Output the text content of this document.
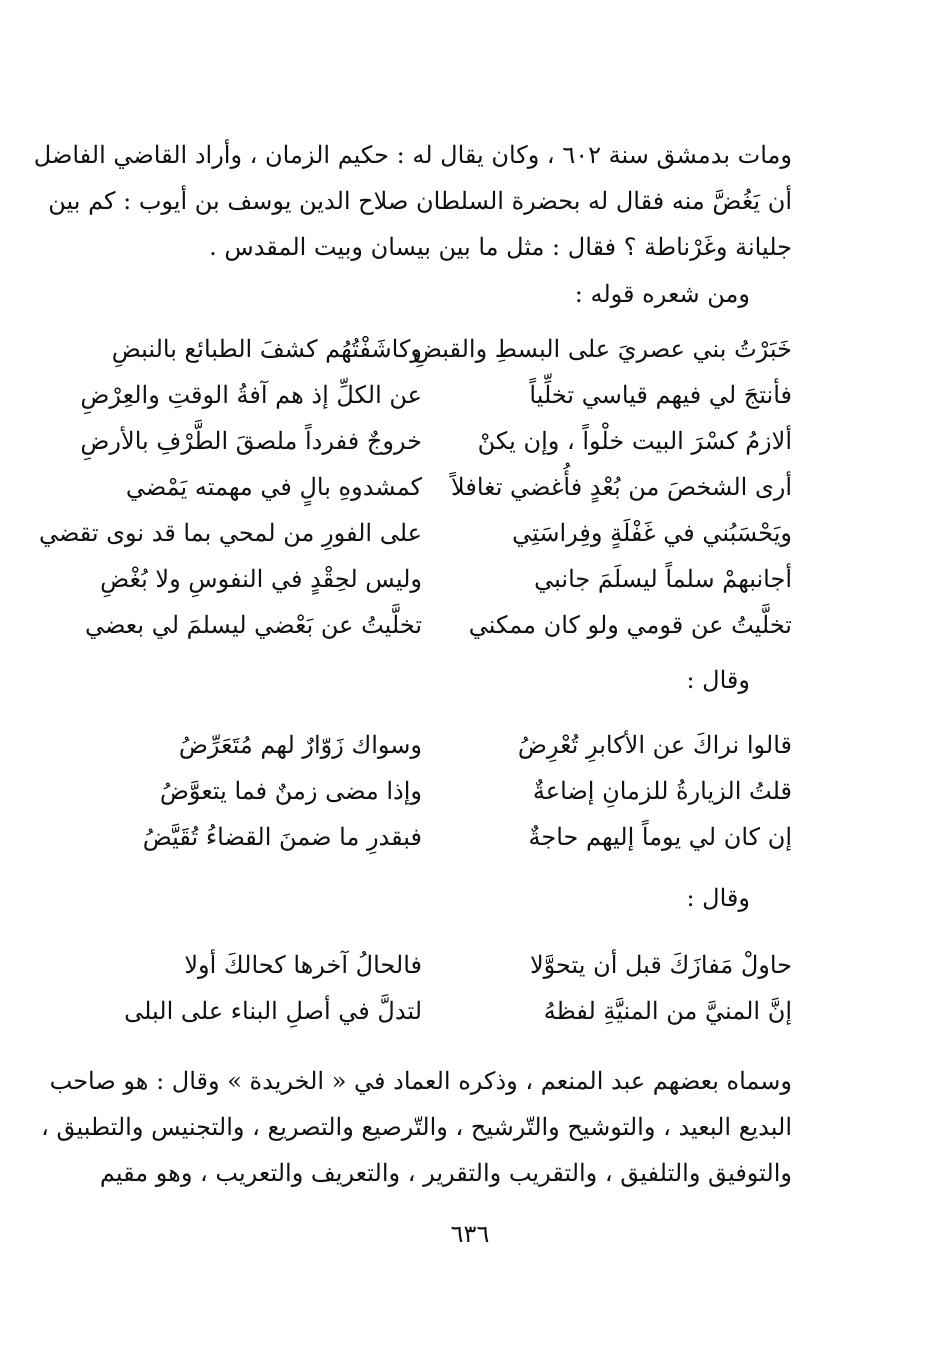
ومات بدمشق سنة ٦٠٢ ، وكان يقال له : حكيم الزمان ، وأراد القاضي الفاضل
أن يَغُضَّ منه فقال له بحضرة السلطان صلاح الدين يوسف بن أيوب : كم بين
جليانة وغَرْناطة ؟ فقال : مثل ما بين بيسان وبيت المقدس .
ومن شعره قوله :
خَبَرْتُ بني عصريَ على البسطِ والقبضِ
وكاشَفْتُهُم كشفَ الطبائع بالنبضِ
فأنتجَ لي فيهم قياسي تخلِّياً
عن الكلِّ إذ هم آفةُ الوقتِ والعِرْضِ
ألازمُ كسْرَ البيت خلْواً ، وإن يكنْ
خروجٌ ففرداً ملصقَ الطَّرْفِ بالأرضِ
أرى الشخصَ من بُعْدٍ فأُغضي تغافلاً
كمشدوهِ بالٍ في مهمته يَمْضي
ويَحْسَبُني في غَفْلَةٍ وفِراسَتِي
على الفورِ من لمحي بما قد نوى تقضي
أجانبهمْ سلماً ليسلَمَ جانبي
وليس لحِقْدٍ في النفوسِ ولا بُغْضِ
تخلَّيتُ عن قومي ولو كان ممكني
تخلَّيتُ عن بَعْضي ليسلمَ لي بعضي
وقال :
قالوا نراكَ عن الأكابرِ تُعْرِضُ
وسواك زَوّارٌ لهم مُتَعَرِّضُ
قلتُ الزيارةُ للزمانِ إضاعةٌ
وإذا مضى زمنٌ فما يتعوَّضُ
إن كان لي يوماً إليهم حاجةٌ
فبقدرِ ما ضمنَ القضاءُ تُقَيَّضُ
وقال :
حاولْ مَفازَكَ قبل أن يتحوَّلا
فالحالُ آخرها كحالكَ أولا
إنَّ المنيَّ من المنيَّةِ لفظهُ
لتدلَّ في أصلِ البناء على البلى
وسماه بعضهم عبد المنعم ، وذكره العماد في « الخريدة » وقال : هو صاحب
البديع البعيد ، والتوشيح والتّرشيح ، والتّرصيع والتصريع ، والتجنيس والتطبيق ،
والتوفيق والتلفيق ، والتقريب والتقرير ، والتعريف والتعريب ، وهو مقيم
٦٣٦
